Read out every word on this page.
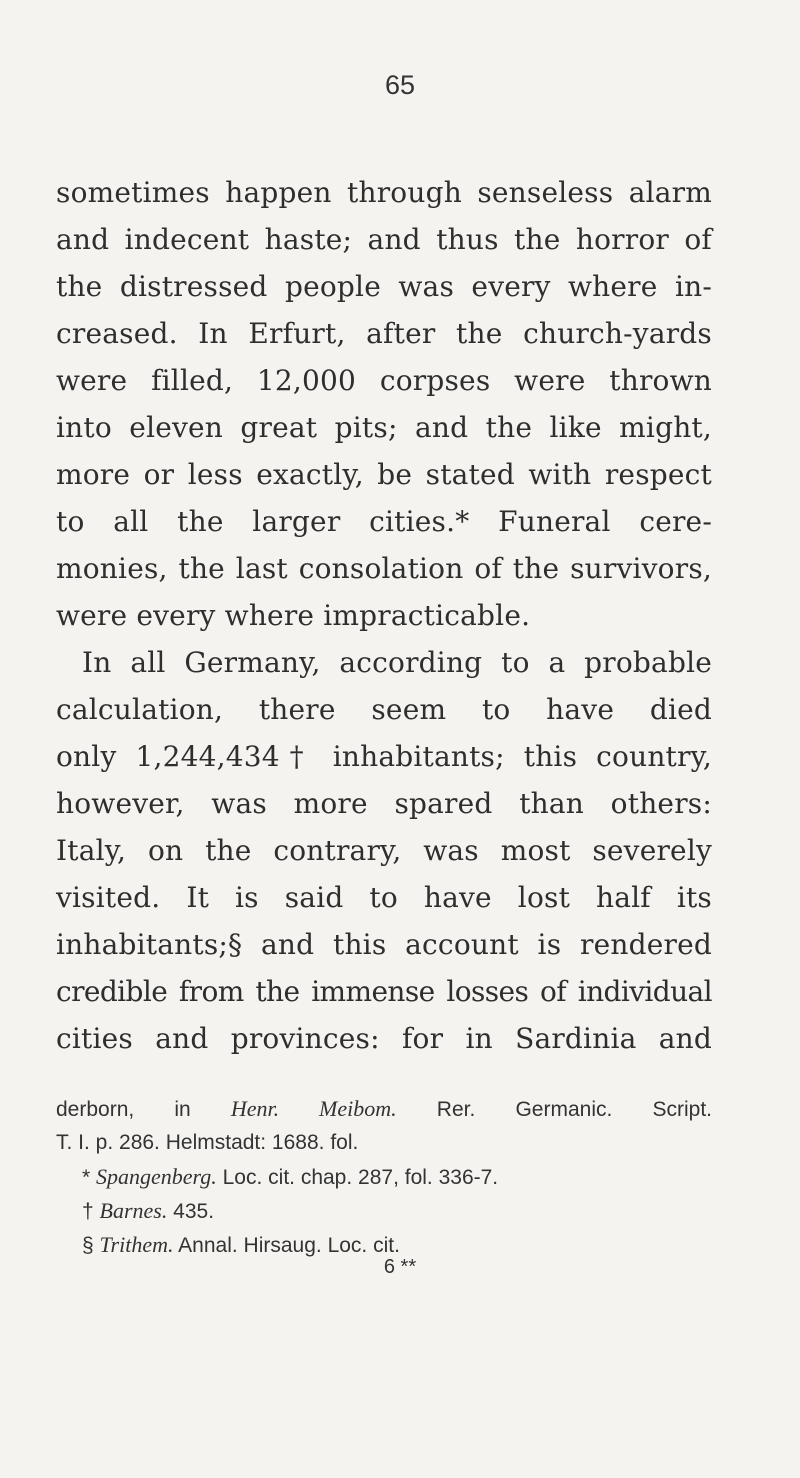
65
sometimes happen through senseless alarm
and indecent haste; and thus the horror of
the distressed people was every where in-
creased. In Erfurt, after the church-yards
were filled, 12,000 corpses were thrown
into eleven great pits; and the like might,
more or less exactly, be stated with respect
to all the larger cities.* Funeral cere-
monies, the last consolation of the survivors,
were every where impracticable.
In all Germany, according to a probable
calculation, there seem to have died
only 1,244,434† inhabitants; this country,
however, was more spared than others:
Italy, on the contrary, was most severely
visited. It is said to have lost half its
inhabitants;§ and this account is rendered
credible from the immense losses of individual
cities and provinces: for in Sardinia and
derborn, in Henr. Meibom. Rer. Germanic. Script.
T. I. p. 286. Helmstadt: 1688. fol.
* Spangenberg. Loc. cit. chap. 287, fol. 336-7.
† Barnes. 435.
§ Trithem. Annal. Hirsaug. Loc. cit.
6 **
